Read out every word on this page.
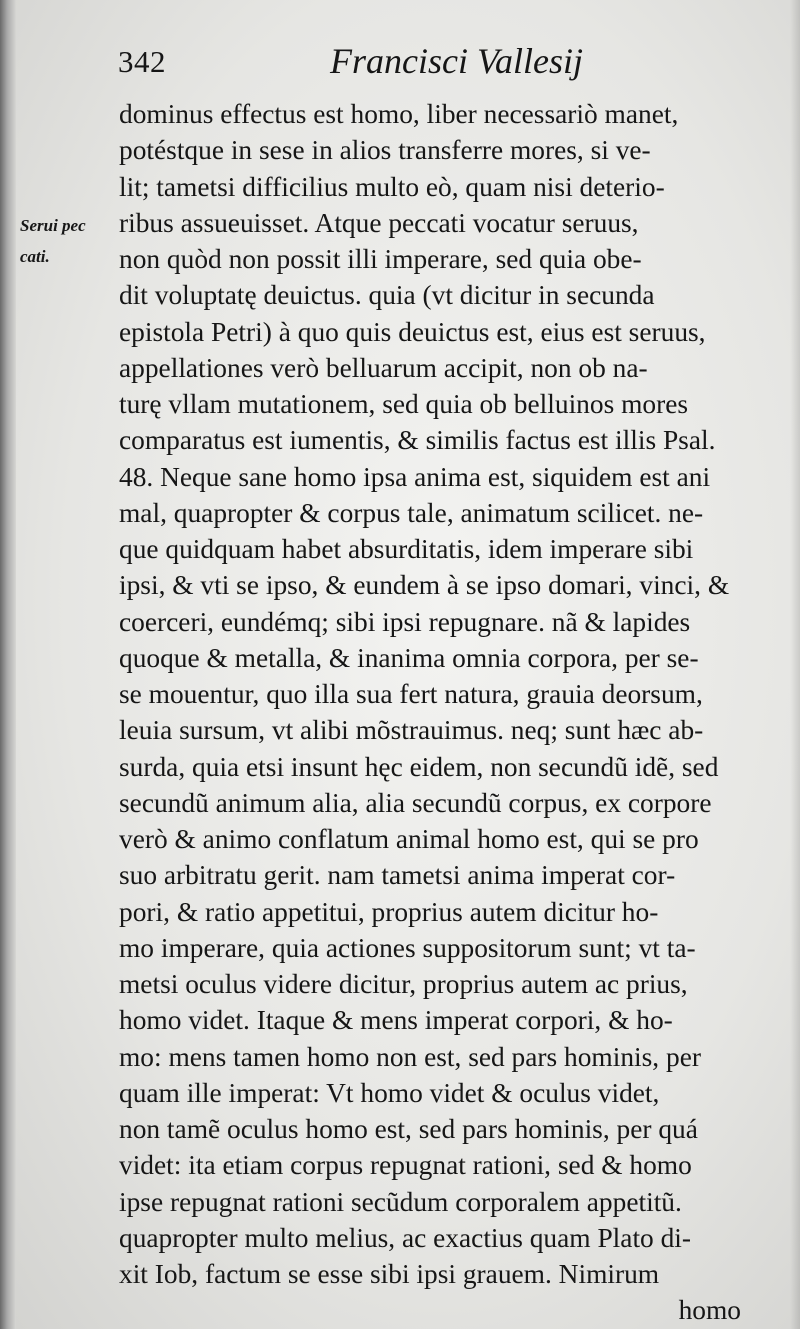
342	Francisci Vallesij
Serui pec
cati.
dominus effectus est homo, liber necessariò manet,
potéstque in sese in alios transferre mores, si ve-
lit; tametsi difficilius multo eò, quam nisi deterio-
ribus assueuisset. Atque peccati vocatur seruus,
non quòd non possit illi imperare, sed quia obe-
dit voluptatę deuictus. quia (vt dicitur in secunda
epistola Petri) à quo quis deuictus est, eius est seruus,
appellationes verò belluarum accipit, non ob na-
turę vllam mutationem, sed quia ob belluinos mores
comparatus est iumentis, & similis factus est illis Psal.
48. Neque sane homo ipsa anima est, siquidem est ani
mal, quapropter & corpus tale, animatum scilicet. ne-
que quidquam habet absurditatis, idem imperare sibi
ipsi, & vti se ipso, & eundem à se ipso domari, vinci, &
coerceri, eundémq; sibi ipsi repugnare. nã & lapides
quoque & metalla, & inanima omnia corpora, per se-
se mouentur, quo illa sua fert natura, grauia deorsum,
leuia sursum, vt alibi mõstrauimus. neq; sunt hæc ab-
surda, quia etsi insunt hęc eidem, non secundũ idẽ, sed
secundũ animum alia, alia secundũ corpus, ex corpore
verò & animo conflatum animal homo est, qui se pro
suo arbitratu gerit. nam tametsi anima imperat cor-
pori, & ratio appetitui, proprius autem dicitur ho-
mo imperare, quia actiones suppositorum sunt; vt ta-
metsi oculus videre dicitur, proprius autem ac prius,
homo videt. Itaque & mens imperat corpori, & ho-
mo: mens tamen homo non est, sed pars hominis, per
quam ille imperat: Vt homo videt & oculus videt,
non tamẽ oculus homo est, sed pars hominis, per quá
videt: ita etiam corpus repugnat rationi, sed & homo
ipse repugnat rationi secũdum corporalem appetitũ.
quapropter multo melius, ac exactius quam Plato di-
xit Iob, factum se esse sibi ipsi grauem. Nimirum
homo
